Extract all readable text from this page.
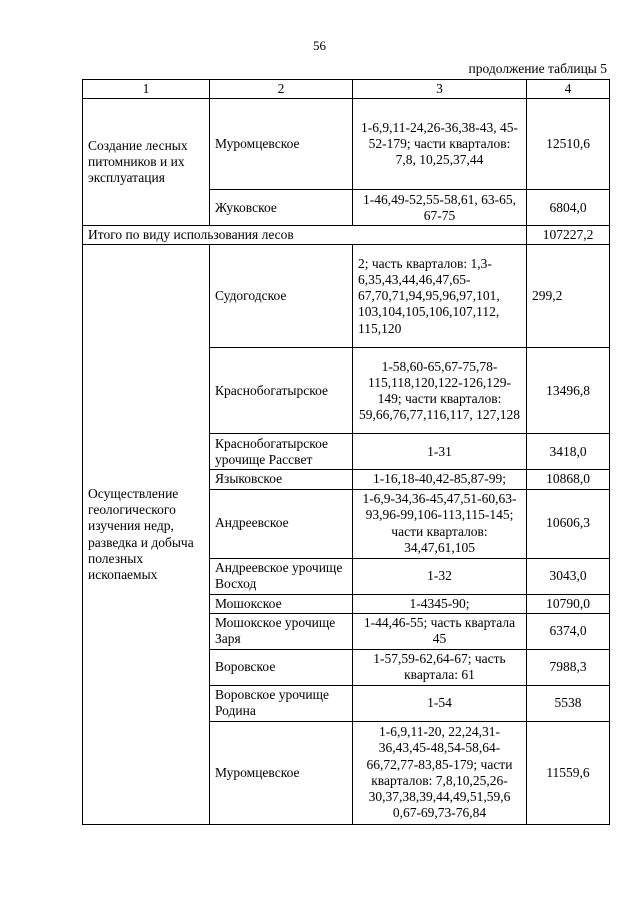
56
продолжение таблицы 5
1	2	3	4
Создание лесных питомников и их эксплуатация	Муромцевское	1-6,9,11-24,26-36,38-43, 45-52-179; части кварталов: 7,8, 10,25,37,44	12510,6
	Жуковское	1-46,49-52,55-58,61, 63-65, 67-75	6804,0
Итого по виду использования лесов			107227,2
Осуществление геологического изучения недр, разведка и добыча полезных ископаемых	Судогодское	2; часть кварталов: 1,3-6,35,43,44,46,47,65-67,70,71,94,95,96,97,101, 103,104,105,106,107,112, 115,120	299,2
	Краснобогатырское	1-58,60-65,67-75,78-115,118,120,122-126,129-149; части кварталов: 59,66,76,77,116,117, 127,128	13496,8
	Краснобогатырское урочище Рассвет	1-31	3418,0
	Языковское	1-16,18-40,42-85,87-99;	10868,0
	Андреевское	1-6,9-34,36-45,47,51-60,63-93,96-99,106-113,115-145; части кварталов: 34,47,61,105	10606,3
	Андреевское урочище Восход	1-32	3043,0
	Мошокское	1-4345-90;	10790,0
	Мошокское урочище Заря	1-44,46-55; часть квартала 45	6374,0
	Воровское	1-57,59-62,64-67; часть квартала: 61	7988,3
	Воровское урочище Родина	1-54	5538
	Муромцевское	1-6,9,11-20, 22,24,31-36,43,45-48,54-58,64-66,72,77-83,85-179; части кварталов: 7,8,10,25,26-30,37,38,39,44,49,51,59,6 0,67-69,73-76,84	11559,6
